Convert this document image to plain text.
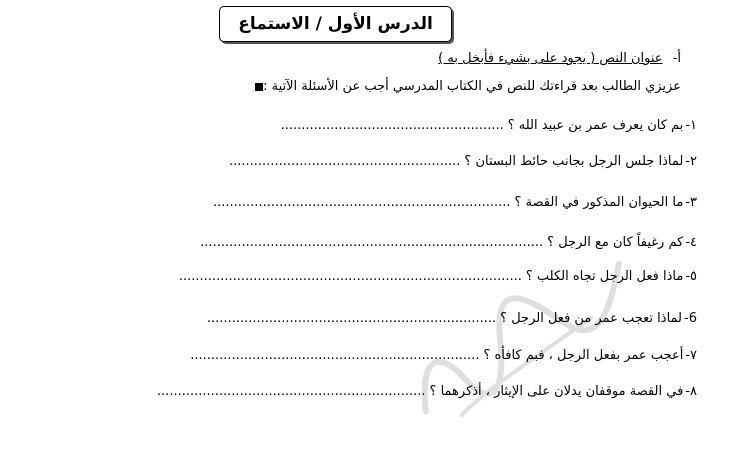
الدرس الأول / الاستماع
أ- عنوان النص ( يجود على بشيء فأبخل به )
عزيزي الطالب بعد قراءتك للنص في الكتاب المدرسي أجب عن الأسئلة الآتية :
١-بم كان يعرف عمر بن عبيد الله ؟......................................................
٢-لماذا جلس الرجل بجانب حائط البستان ؟........................................................
٣-ما الحيوان المذكور في القصة ؟........................................................................
٤-كم رغيفاً كان مع الرجل ؟...................................................................................
٥-ماذا فعل الرجل تجاه الكلب ؟...................................................................................
6-لماذا تعجب عمر من فعل الرجل ؟......................................................................
٧-أعجب عمر بفعل الرجل ، فبم كافأه ؟......................................................................
٨-في القصة موقفان يدلان على الإيثار ، أذكرهما ؟.................................................................
